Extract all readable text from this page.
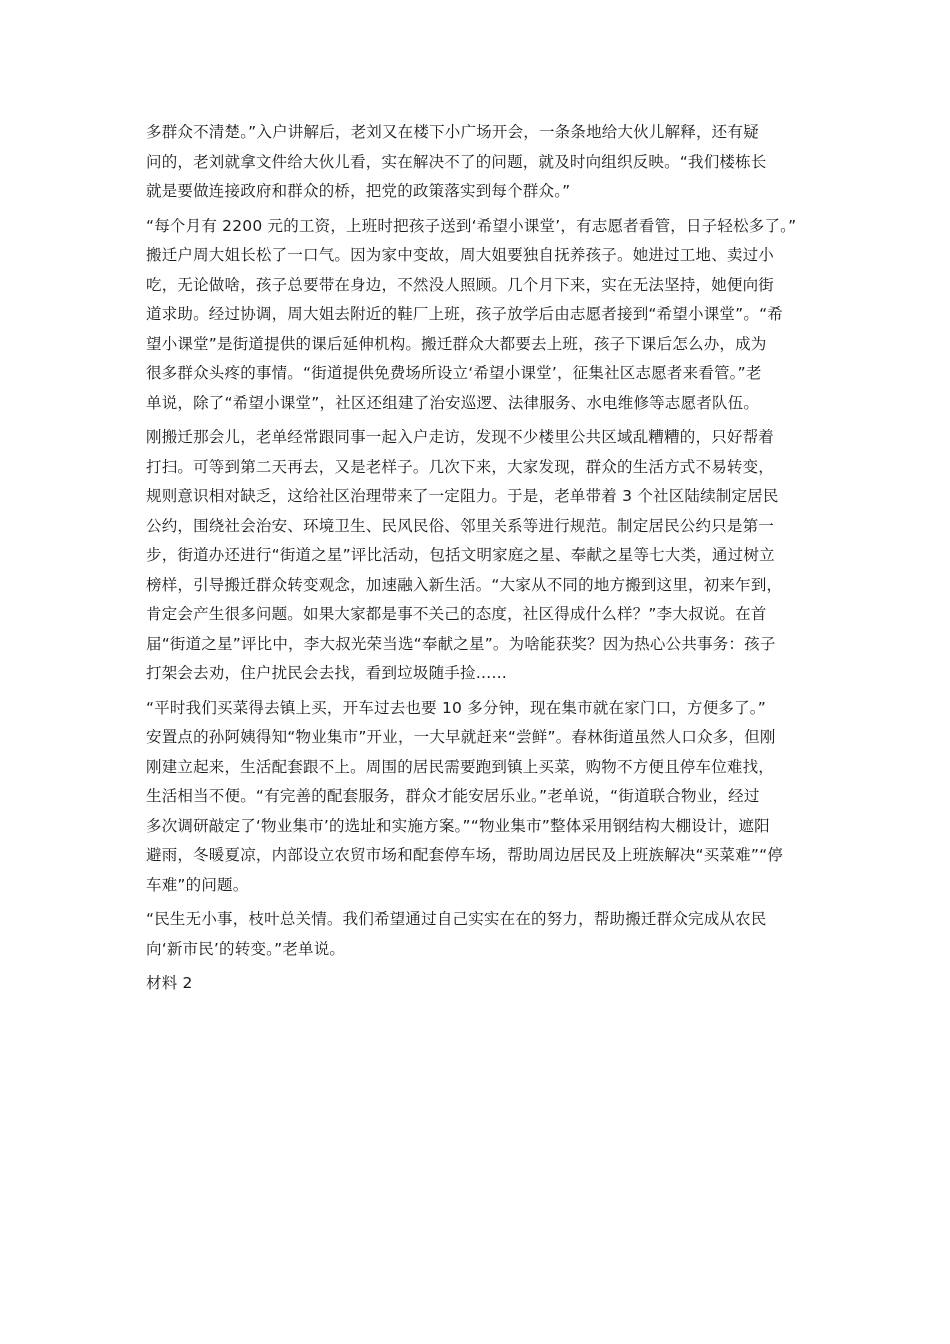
多群众不清楚。”入户讲解后，老刘又在楼下小广场开会，一条条地给大伙儿解释，还有疑
问的，老刘就拿文件给大伙儿看，实在解决不了的问题，就及时向组织反映。“我们楼栋长
就是要做连接政府和群众的桥，把党的政策落实到每个群众。”
“每个月有 2200 元的工资，上班时把孩子送到‘希望小课堂’，有志愿者看管，日子轻松多了。”
搬迁户周大姐长松了一口气。因为家中变故，周大姐要独自抚养孩子。她进过工地、卖过小
吃，无论做啥，孩子总要带在身边，不然没人照顾。几个月下来，实在无法坚持，她便向街
道求助。经过协调，周大姐去附近的鞋厂上班，孩子放学后由志愿者接到“希望小课堂”。“希
望小课堂”是街道提供的课后延伸机构。搬迁群众大都要去上班，孩子下课后怎么办，成为
很多群众头疼的事情。“街道提供免费场所设立‘希望小课堂’，征集社区志愿者来看管。”老
单说，除了“希望小课堂”，社区还组建了治安巡逻、法律服务、水电维修等志愿者队伍。
刚搬迁那会儿，老单经常跟同事一起入户走访，发现不少楼里公共区域乱糟糟的，只好帮着
打扫。可等到第二天再去，又是老样子。几次下来，大家发现，群众的生活方式不易转变，
规则意识相对缺乏，这给社区治理带来了一定阻力。于是，老单带着 3 个社区陆续制定居民
公约，围绕社会治安、环境卫生、民风民俗、邻里关系等进行规范。制定居民公约只是第一
步，街道办还进行“街道之星”评比活动，包括文明家庭之星、奉献之星等七大类，通过树立
榜样，引导搬迁群众转变观念，加速融入新生活。“大家从不同的地方搬到这里，初来乍到，
肯定会产生很多问题。如果大家都是事不关己的态度，社区得成什么样？”李大叔说。在首
届“街道之星”评比中，李大叔光荣当选“奉献之星”。为啥能获奖？因为热心公共事务：孩子
打架会去劝，住户扰民会去找，看到垃圾随手捡……
“平时我们买菜得去镇上买，开车过去也要 10 多分钟，现在集市就在家门口，方便多了。”
安置点的孙阿姨得知“物业集市”开业，一大早就赶来“尝鲜”。春林街道虽然人口众多，但刚
刚建立起来，生活配套跟不上。周围的居民需要跑到镇上买菜，购物不方便且停车位难找，
生活相当不便。“有完善的配套服务，群众才能安居乐业。”老单说，“街道联合物业，经过
多次调研敲定了‘物业集市’的选址和实施方案。”“物业集市”整体采用钢结构大棚设计，遮阳
避雨，冬暖夏凉，内部设立农贸市场和配套停车场，帮助周边居民及上班族解决“买菜难”“停
车难”的问题。
“民生无小事，枝叶总关情。我们希望通过自己实实在在的努力，帮助搬迁群众完成从农民
向‘新市民’的转变。”老单说。
材料 2
